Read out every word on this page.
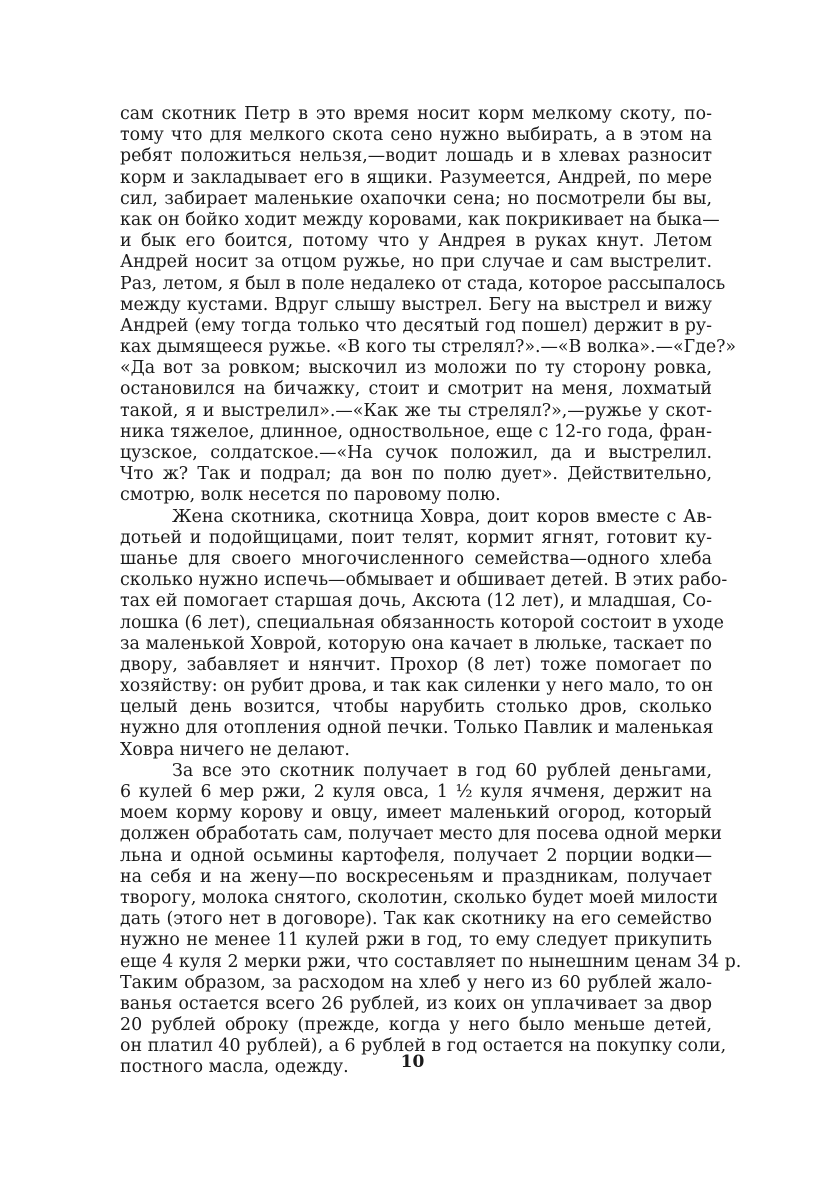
сам скотник Петр в это время носит корм мелкому скоту, по-
тому что для мелкого скота сено нужно выбирать, а в этом на
ребят положиться нельзя,—водит лошадь и в хлевах разносит
корм и закладывает его в ящики. Разумеется, Андрей, по мере
сил, забирает маленькие охапочки сена; но посмотрели бы вы,
как он бойко ходит между коровами, как покрикивает на быка—
и бык его боится, потому что у Андрея в руках кнут. Летом
Андрей носит за отцом ружье, но при случае и сам выстрелит.
Раз, летом, я был в поле недалеко от стада, которое рассыпалось
между кустами. Вдруг слышу выстрел. Бегу на выстрел и вижу
Андрей (ему тогда только что десятый год пошел) держит в ру-
ках дымящееся ружье. «В кого ты стрелял?».—«В волка».—«Где?»
«Да вот за ровком; выскочил из моложи по ту сторону ровка,
остановился на бичажку, стоит и смотрит на меня, лохматый
такой, я и выстрелил».—«Как же ты стрелял?»,—ружье у скот-
ника тяжелое, длинное, одноствольное, еще с 12-го года, фран-
цузское, солдатское.—«На сучок положил, да и выстрелил.
Что ж? Так и подрал; да вон по полю дует». Действительно,
смотрю, волк несется по паровому полю.
Жена скотника, скотница Ховра, доит коров вместе с Ав-
дотьей и подойщицами, поит телят, кормит ягнят, готовит ку-
шанье для своего многочисленного семейства—одного хлеба
сколько нужно испечь—обмывает и обшивает детей. В этих рабо-
тах ей помогает старшая дочь, Аксюта (12 лет), и младшая, Со-
лошка (6 лет), специальная обязанность которой состоит в уходе
за маленькой Ховрой, которую она качает в люльке, таскает по
двору, забавляет и нянчит. Прохор (8 лет) тоже помогает по
хозяйству: он рубит дрова, и так как силенки у него мало, то он
целый день возится, чтобы нарубить столько дров, сколько
нужно для отопления одной печки. Только Павлик и маленькая
Ховра ничего не делают.
За все это скотник получает в год 60 рублей деньгами,
6 кулей 6 мер ржи, 2 куля овса, 1 ½ куля ячменя, держит на
моем корму корову и овцу, имеет маленький огород, который
должен обработать сам, получает место для посева одной мерки
льна и одной осьмины картофеля, получает 2 порции водки—
на себя и на жену—по воскресеньям и праздникам, получает
творогу, молока снятого, сколотин, сколько будет моей милости
дать (этого нет в договоре). Так как скотнику на его семейство
нужно не менее 11 кулей ржи в год, то ему следует прикупить
еще 4 куля 2 мерки ржи, что составляет по нынешним ценам 34 р.
Таким образом, за расходом на хлеб у него из 60 рублей жало-
ванья остается всего 26 рублей, из коих он уплачивает за двор
20 рублей оброку (прежде, когда у него было меньше детей,
он платил 40 рублей), а 6 рублей в год остается на покупку соли,
постного масла, одежду.	10
